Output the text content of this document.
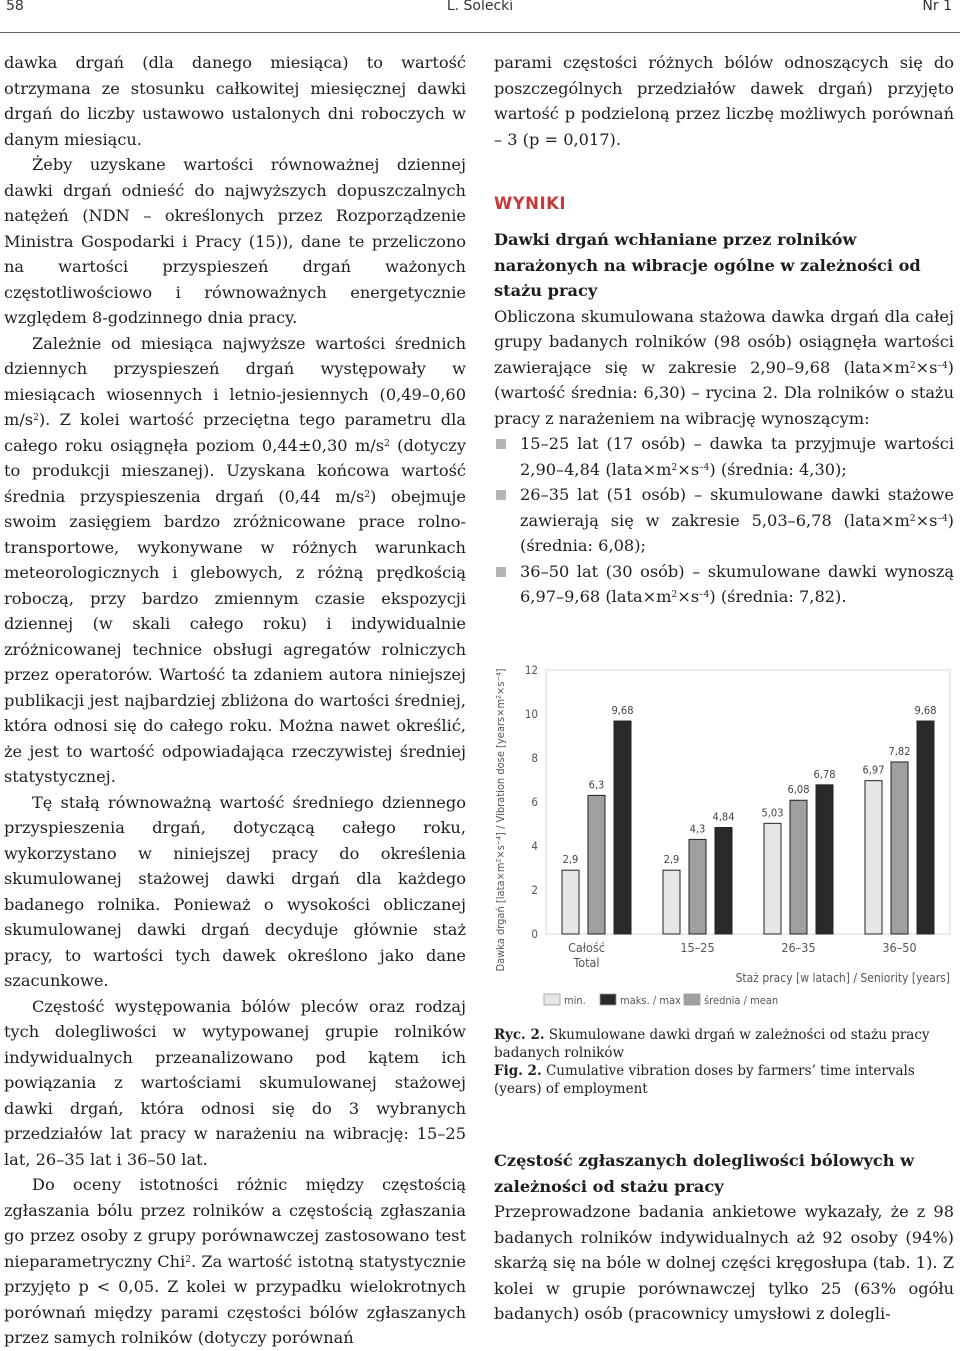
58	L. Solecki	Nr 1

dawka drgań (dla danego miesiąca) to wartość otrzymana ze stosunku całkowitej miesięcznej dawki drgań do liczby ustawowo ustalonych dni roboczych w danym miesiącu.

Żeby uzyskane wartości równoważnej dziennej dawki drgań odnieść do najwyższych dopuszczalnych natężeń (NDN – określonych przez Rozporządzenie Ministra Gospodarki i Pracy (15)), dane te przeliczono na wartości przyspieszeń drgań ważonych częstotliwościowo i równoważnych energetycznie względem 8-godzinnego dnia pracy.

Zależnie od miesiąca najwyższe wartości średnich dziennych przyspieszeń drgań występowały w miesiącach wiosennych i letnio-jesiennych (0,49–0,60 $m/s^2$). Z kolei wartość przeciętna tego parametru dla całego roku osiągnęła poziom 0,44±0,30 $m/s^2$ (dotyczy to produkcji mieszanej). Uzyskana końcowa wartość średnia przyspieszenia drgań (0,44 $m/s^2$) obejmuje swoim zasięgiem bardzo zróżnicowane prace rolno-transportowe, wykonywane w różnych warunkach meteorologicznych i glebowych, z różną prędkością roboczą, przy bardzo zmiennym czasie ekspozycji dziennej (w skali całego roku) i indywidualnie zróżnicowanej technice obsługi agregatów rolniczych przez operatorów. Wartość ta zdaniem autora niniejszej publikacji jest najbardziej zbliżona do wartości średniej, która odnosi się do całego roku. Można nawet określić, że jest to wartość odpowiadająca rzeczywistej średniej statystycznej.

Tę stałą równoważną wartość średniego dziennego przyspieszenia drgań, dotyczącą całego roku, wykorzystano w niniejszej pracy do określenia skumulowanej stażowej dawki drgań dla każdego badanego rolnika. Ponieważ o wysokości obliczanej skumulowanej dawki drgań decyduje głównie staż pracy, to wartości tych dawek określono jako dane szacunkowe.

Częstość występowania bólów pleców oraz rodzaj tych dolegliwości w wytypowanej grupie rolników indywidualnych przeanalizowano pod kątem ich powiązania z wartościami skumulowanej stażowej dawki drgań, która odnosi się do 3 wybranych przedziałów lat pracy w narażeniu na wibrację: 15–25 lat, 26–35 lat i 36–50 lat.

Do oceny istotności różnic między częstością zgłaszania bólu przez rolników a częstością zgłaszania go przez osoby z grupy porównawczej zastosowano test nieparametryczny Chi$^2$. Za wartość istotną statystycznie przyjęto p < 0,05. Z kolei w przypadku wielokrotnych porównań między parami częstości bólów zgłaszanych przez samych rolników (dotyczy porównań

parami częstości różnych bólów odnoszących się do poszczególnych przedziałów dawek drgań) przyjęto wartość p podzieloną przez liczbę możliwych porównań – 3 (p = 0,017).

WYNIKI
Dawki drgań wchłaniane przez rolników narażonych na wibracje ogólne w zależności od stażu pracy

Obliczona skumulowana stażowa dawka drgań dla całej grupy badanych rolników (98 osób) osiągnęła wartości zawierające się w zakresie 2,90–9,68 $(lata\times m^2\times s^{-4})$ (wartość średnia: 6,30) – rycina 2. Dla rolników o stażu pracy z narażeniem na wibrację wynoszącym:

15–25 lat (17 osób) – dawka ta przyjmuje wartości 2,90–4,84 $(lata\times m^2\times s^{-4})$ (średnia: 4,30);
26–35 lat (51 osób) – skumulowane dawki stażowe zawierają się w zakresie 5,03–6,78 $(lata\times m^2\times s^{-4})$ (średnia: 6,08);
36–50 lat (30 osób) – skumulowane dawki wynoszą 6,97–9,68 $(lata\times m^2\times s^{-4})$ (średnia: 7,82).
0
2
4
6
8
10
12
Dawka drgań [lata×m²×s⁻⁴] / Vibration dose [years×m²×s⁻⁴]	2,9
6,3
9,68
Całość
Total
2,9
4,3
4,84
15–25
5,03
6,08
6,78
26–35
6,97
7,82
9,68
36–50
Staż pracy [w latach] / Seniority [years]
min.	maks. / max średnia / mean
Ryc. 2. Skumulowane dawki drgań w zależności od stażu pracy badanych rolników
Fig. 2. Cumulative vibration doses by farmers’ time intervals (years) of employment
Częstość zgłaszanych dolegliwości bólowych w zależności od stażu pracy

Przeprowadzone badania ankietowe wykazały, że z 98 badanych rolników indywidualnych aż 92 osoby (94%) skarżą się na bóle w dolnej części kręgosłupa (tab. 1). Z kolei w grupie porównawczej tylko 25 (63% ogółu badanych) osób (pracownicy umysłowi z dolegli-
